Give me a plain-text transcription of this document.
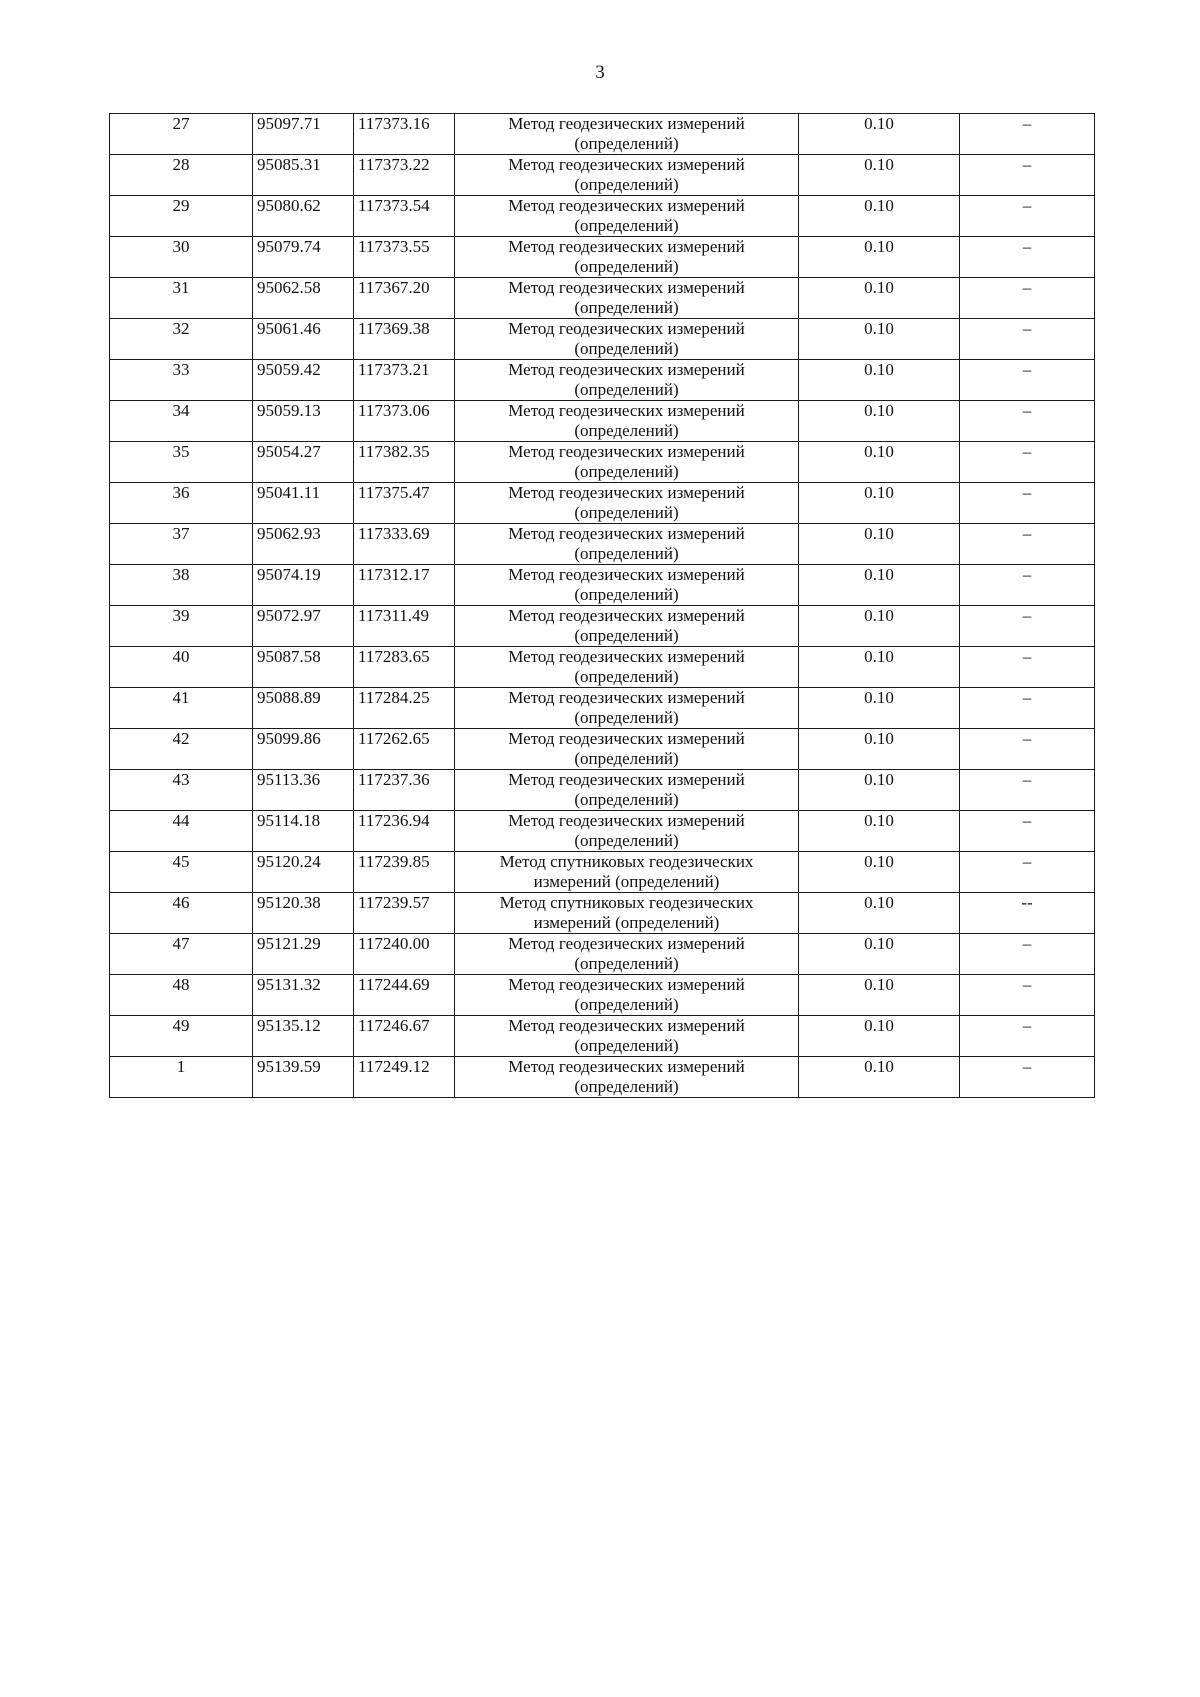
3
27	95097.71	117373.16	Метод геодезических измерений
(определений)	0.10	–
28	95085.31	117373.22	Метод геодезических измерений
(определений)	0.10	–
29	95080.62	117373.54	Метод геодезических измерений
(определений)	0.10	–
30	95079.74	117373.55	Метод геодезических измерений
(определений)	0.10	–
31	95062.58	117367.20	Метод геодезических измерений
(определений)	0.10	–
32	95061.46	117369.38	Метод геодезических измерений
(определений)	0.10	–
33	95059.42	117373.21	Метод геодезических измерений
(определений)	0.10	–
34	95059.13	117373.06	Метод геодезических измерений
(определений)	0.10	–
35	95054.27	117382.35	Метод геодезических измерений
(определений)	0.10	–
36	95041.11	117375.47	Метод геодезических измерений
(определений)	0.10	–
37	95062.93	117333.69	Метод геодезических измерений
(определений)	0.10	–
38	95074.19	117312.17	Метод геодезических измерений
(определений)	0.10	–
39	95072.97	117311.49	Метод геодезических измерений
(определений)	0.10	–
40	95087.58	117283.65	Метод геодезических измерений
(определений)	0.10	–
41	95088.89	117284.25	Метод геодезических измерений
(определений)	0.10	–
42	95099.86	117262.65	Метод геодезических измерений
(определений)	0.10	–
43	95113.36	117237.36	Метод геодезических измерений
(определений)	0.10	–
44	95114.18	117236.94	Метод геодезических измерений
(определений)	0.10	–
45	95120.24	117239.85	Метод спутниковых геодезических
измерений (определений)	0.10	–
46	95120.38	117239.57	Метод спутниковых геодезических
измерений (определений)	0.10	--
47	95121.29	117240.00	Метод геодезических измерений
(определений)	0.10	–
48	95131.32	117244.69	Метод геодезических измерений
(определений)	0.10	–
49	95135.12	117246.67	Метод геодезических измерений
(определений)	0.10	–
1	95139.59	117249.12	Метод геодезических измерений
(определений)	0.10	–
